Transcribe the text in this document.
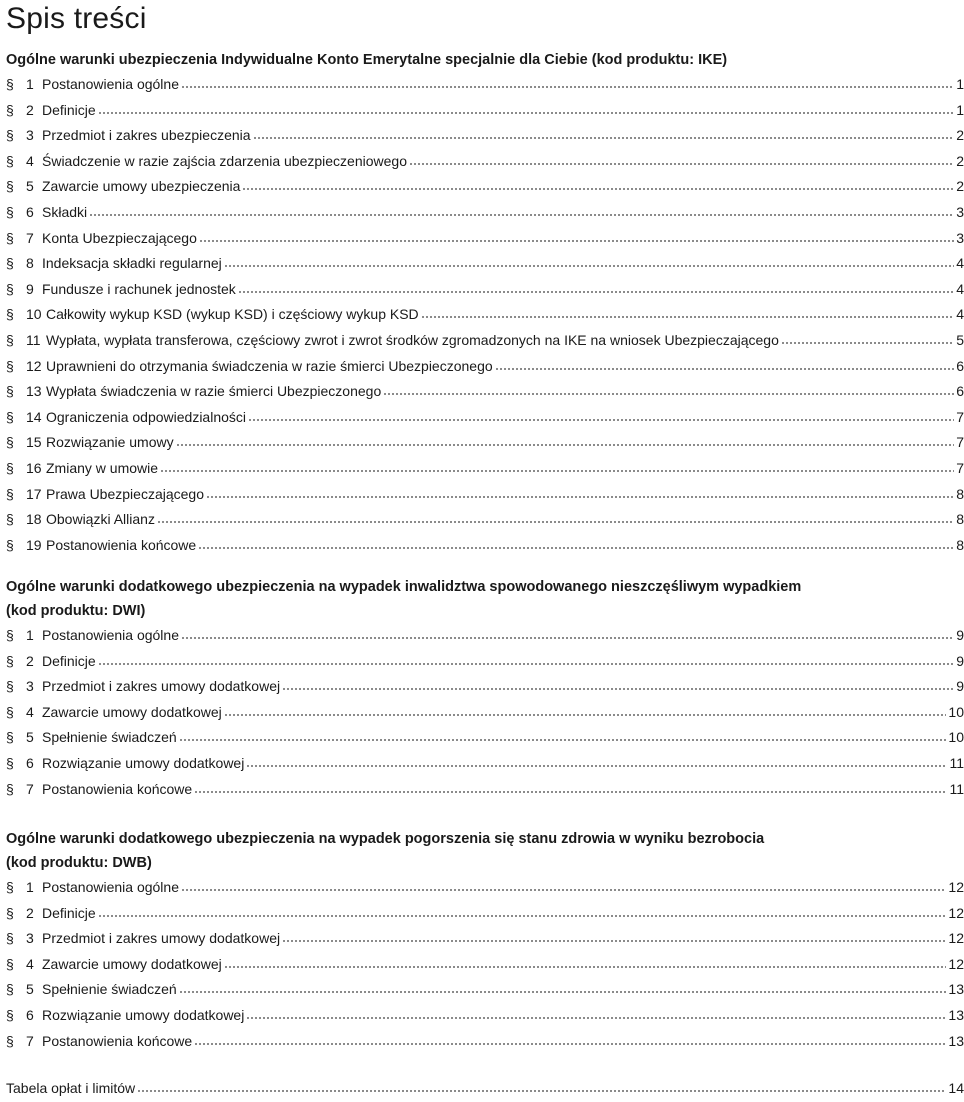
Spis treści
Ogólne warunki ubezpieczenia Indywidualne Konto Emerytalne specjalnie dla Ciebie (kod produktu: IKE)
§ 1 Postanowienia ogólne	1
§ 2 Definicje	1
§ 3 Przedmiot i zakres ubezpieczenia	2
§ 4 Świadczenie w razie zajścia zdarzenia ubezpieczeniowego	2
§ 5 Zawarcie umowy ubezpieczenia	2
§ 6 Składki	3
§ 7 Konta Ubezpieczającego	3
§ 8 Indeksacja składki regularnej	4
§ 9 Fundusze i rachunek jednostek	4
§ 10 Całkowity wykup KSD (wykup KSD) i częściowy wykup KSD	4
§ 11 Wypłata, wypłata transferowa, częściowy zwrot i zwrot środków zgromadzonych na IKE na wniosek Ubezpieczającego	5
§ 12 Uprawnieni do otrzymania świadczenia w razie śmierci Ubezpieczonego	6
§ 13 Wypłata świadczenia w razie śmierci Ubezpieczonego	6
§ 14 Ograniczenia odpowiedzialności	7
§ 15 Rozwiązanie umowy	7
§ 16 Zmiany w umowie	7
§ 17 Prawa Ubezpieczającego	8
§ 18 Obowiązki Allianz	8
§ 19 Postanowienia końcowe	8
Ogólne warunki dodatkowego ubezpieczenia na wypadek inwalidztwa spowodowanego nieszczęśliwym wypadkiem
(kod produktu: DWI)
§ 1 Postanowienia ogólne	9
§ 2 Definicje	9
§ 3 Przedmiot i zakres umowy dodatkowej	9
§ 4 Zawarcie umowy dodatkowej	10
§ 5 Spełnienie świadczeń	10
§ 6 Rozwiązanie umowy dodatkowej	11
§ 7 Postanowienia końcowe	11
Ogólne warunki dodatkowego ubezpieczenia na wypadek pogorszenia się stanu zdrowia w wyniku bezrobocia
(kod produktu: DWB)
§ 1 Postanowienia ogólne	12
§ 2 Definicje	12
§ 3 Przedmiot i zakres umowy dodatkowej	12
§ 4 Zawarcie umowy dodatkowej	12
§ 5 Spełnienie świadczeń	13
§ 6 Rozwiązanie umowy dodatkowej	13
§ 7 Postanowienia końcowe	13
Tabela opłat i limitów	14
